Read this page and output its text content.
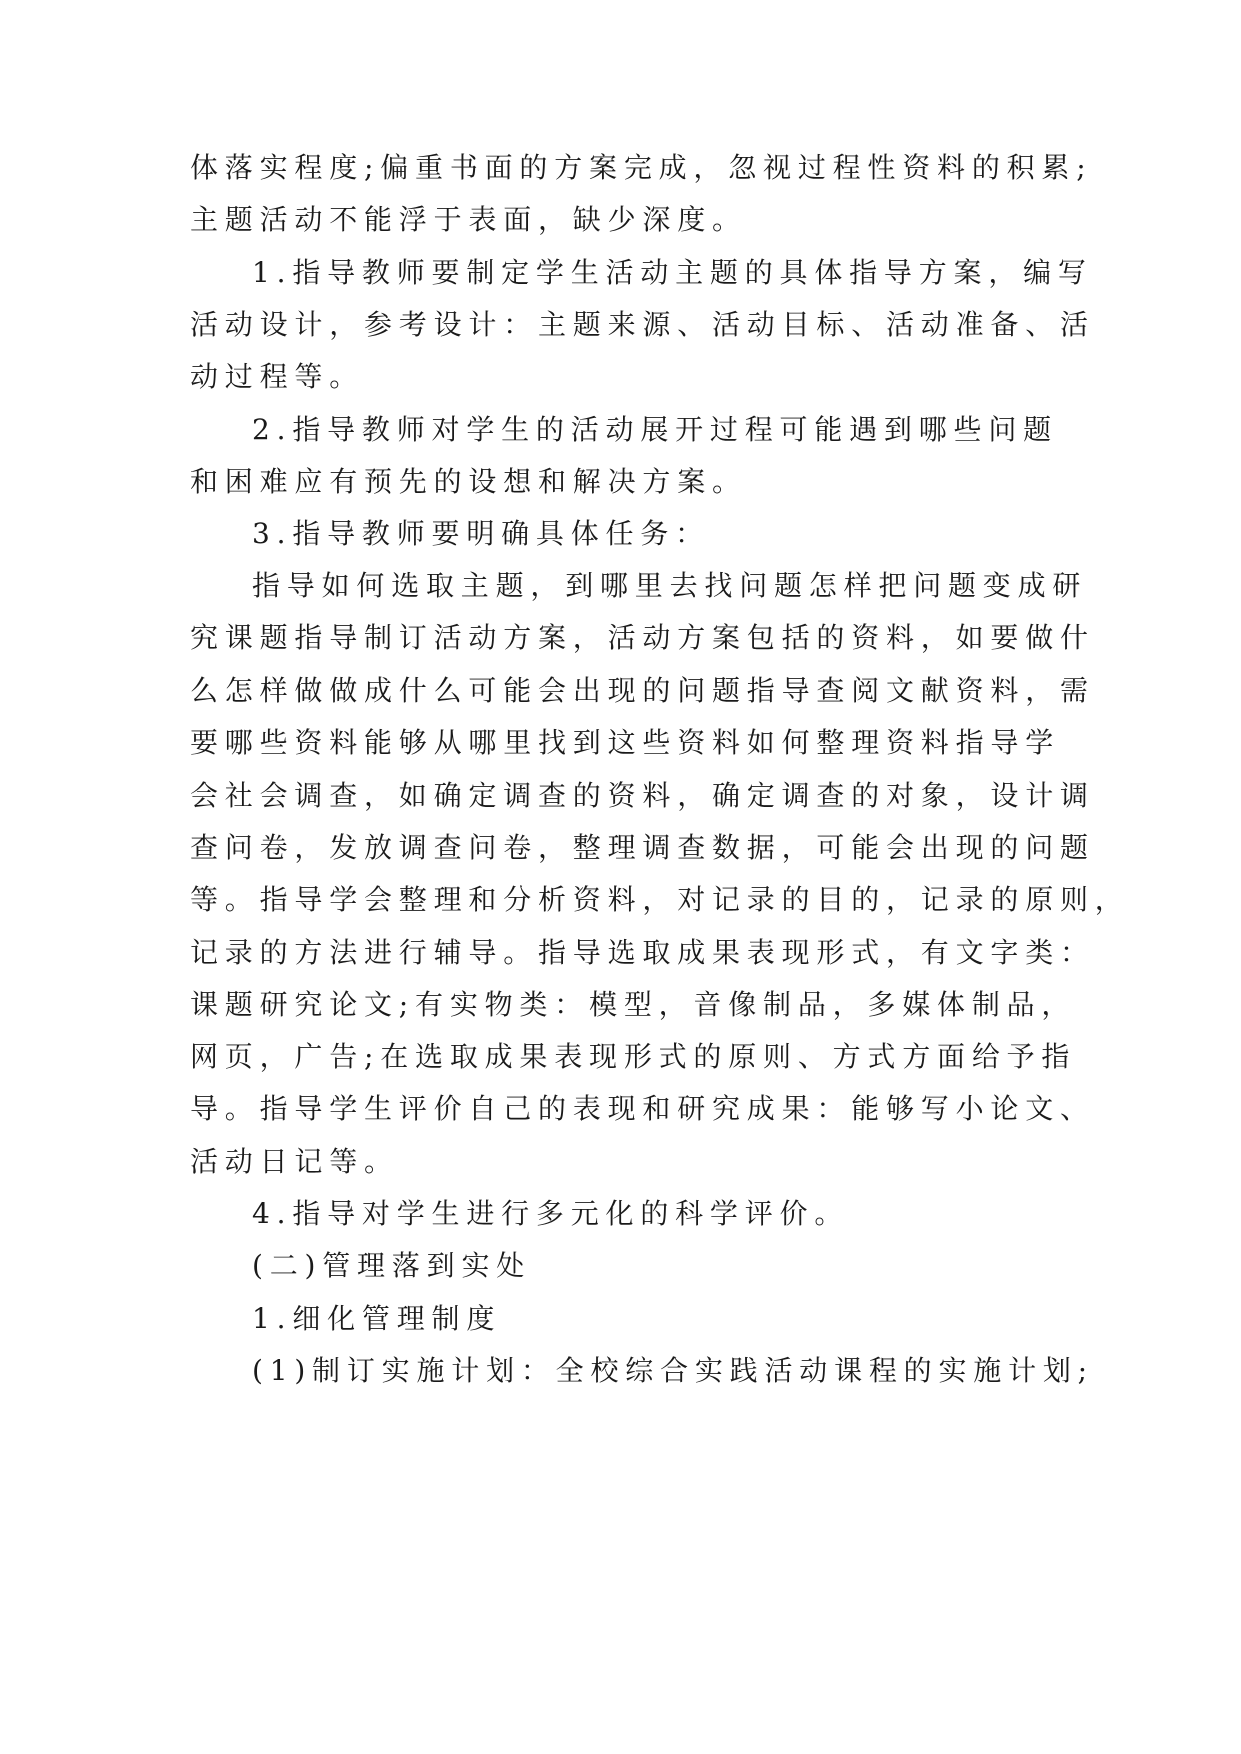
体落实程度;偏重书面的方案完成，忽视过程性资料的积累;
主题活动不能浮于表面，缺少深度。
1.指导教师要制定学生活动主题的具体指导方案，编写
活动设计，参考设计：主题来源、活动目标、活动准备、活
动过程等。
2.指导教师对学生的活动展开过程可能遇到哪些问题
和困难应有预先的设想和解决方案。
3.指导教师要明确具体任务：
指导如何选取主题，到哪里去找问题怎样把问题变成研
究课题指导制订活动方案，活动方案包括的资料，如要做什
么怎样做做成什么可能会出现的问题指导查阅文献资料，需
要哪些资料能够从哪里找到这些资料如何整理资料指导学
会社会调查，如确定调查的资料，确定调查的对象，设计调
查问卷，发放调查问卷，整理调查数据，可能会出现的问题
等。指导学会整理和分析资料，对记录的目的，记录的原则，
记录的方法进行辅导。指导选取成果表现形式，有文字类：
课题研究论文;有实物类：模型，音像制品，多媒体制品，
网页，广告;在选取成果表现形式的原则、方式方面给予指
导。指导学生评价自己的表现和研究成果：能够写小论文、
活动日记等。
4.指导对学生进行多元化的科学评价。
(二)管理落到实处
1.细化管理制度
(1)制订实施计划：全校综合实践活动课程的实施计划;
